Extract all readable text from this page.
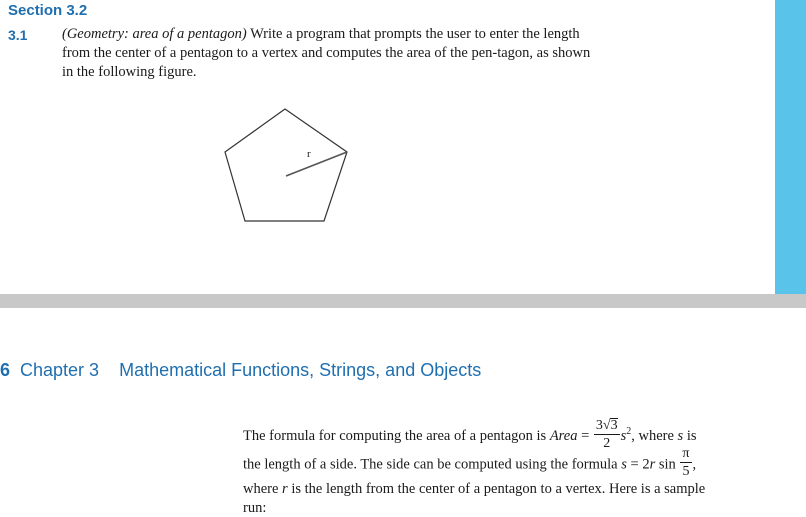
Section 3.2
3.1 (Geometry: area of a pentagon) Write a program that prompts the user to enter the length from the center of a pentagon to a vertex and computes the area of the pen-tagon, as shown in the following figure.
r
6 Chapter 3 Mathematical Functions, Strings, and Objects
The formula for computing the area of a pentagon is Area = $\frac{3√3}{2} s^2$, where s is
the length of a side. The side can be computed using the formula s = 2r $\sin \frac{\pi}{5}$ ,
where r is the length from the center of a pentagon to a vertex. Here is a sample
run:
